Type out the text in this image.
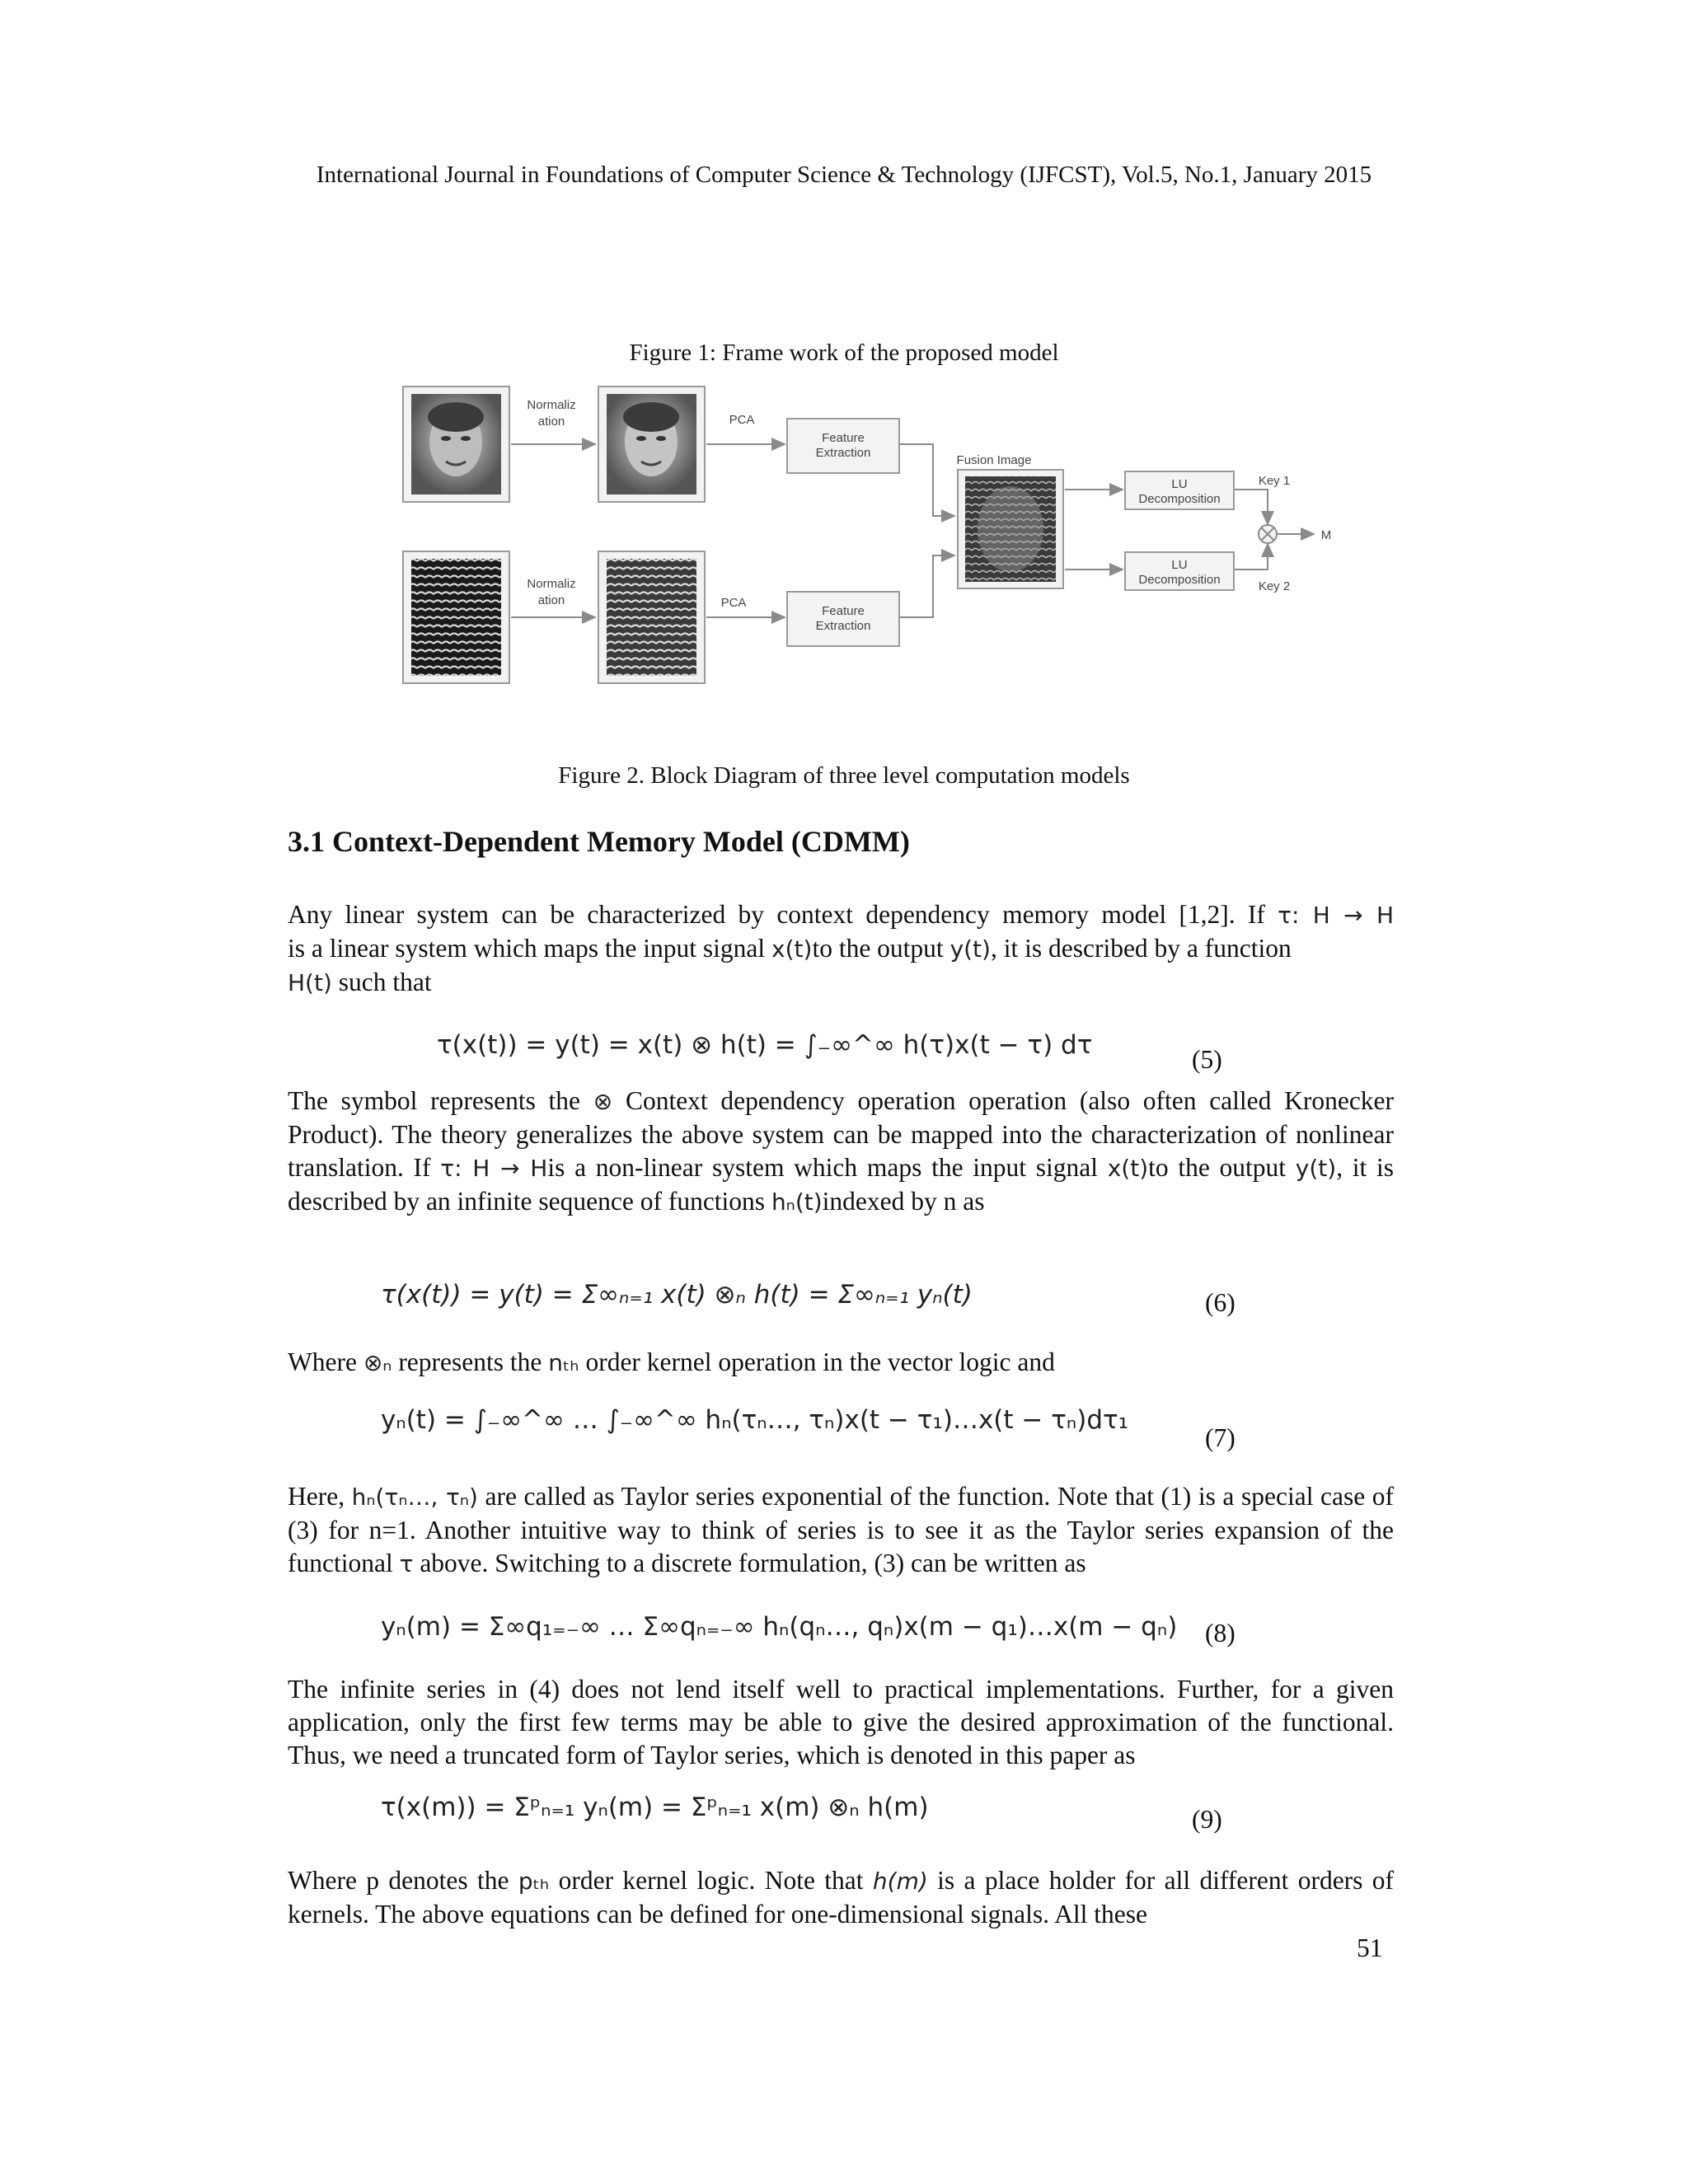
International Journal in Foundations of Computer Science & Technology (IJFCST), Vol.5, No.1, January 2015
Figure 1: Frame work of the proposed model
Normaliz
ation
Normaliz
ation
PCA
PCA
Feature
Extraction
Feature
Extraction
Fusion Image
LU
Decomposition
LU
Decomposition
Key 1
Key 2
M
Figure 2. Block Diagram of three level computation models
3.1 Context-Dependent Memory Model (CDMM)
Any linear system can be characterized by context dependency memory model [1,2]. If τ: H → H
is a linear system which maps the input signal x(t)to the output y(t), it is described by a function
H(t) such that
τ(x(t)) = y(t) = x(t) ⊗ h(t) = ∫₋∞^∞ h(τ)x(t − τ) dτ	(5)
The symbol represents the ⊗ Context dependency operation operation (also often called Kronecker Product). The theory generalizes the above system can be mapped into the characterization of nonlinear translation. If τ: H → His a non-linear system which maps the input signal x(t)to the output y(t), it is described by an infinite sequence of functions hₙ(t)indexed by n as
τ(x(t)) = y(t) = Σ∞ₙ₌₁ x(t) ⊗ₙ h(t) = Σ∞ₙ₌₁ yₙ(t)	(6)
Where ⊗ₙ represents the nₜₕ order kernel operation in the vector logic and
yₙ(t) = ∫₋∞^∞ … ∫₋∞^∞ hₙ(τₙ…, τₙ)x(t − τ₁)…x(t − τₙ)dτ₁
(7)
Here, hₙ(τₙ…, τₙ) are called as Taylor series exponential of the function. Note that (1) is a special case of (3) for n=1. Another intuitive way to think of series is to see it as the Taylor series expansion of the functional τ above. Switching to a discrete formulation, (3) can be written as
yₙ(m) = Σ∞q₁₌₋∞ … Σ∞qₙ₌₋∞ hₙ(qₙ…, qₙ)x(m − q₁)…x(m − qₙ) (8)
The infinite series in (4) does not lend itself well to practical implementations. Further, for a given application, only the first few terms may be able to give the desired approximation of the functional. Thus, we need a truncated form of Taylor series, which is denoted in this paper as
τ(x(m)) = Σᵖₙ₌₁ yₙ(m) = Σᵖₙ₌₁ x(m) ⊗ₙ h(m)	(9)
Where p denotes the pₜₕ order kernel logic. Note that h(m) is a place holder for all different orders of kernels. The above equations can be defined for one-dimensional signals. All these
51
